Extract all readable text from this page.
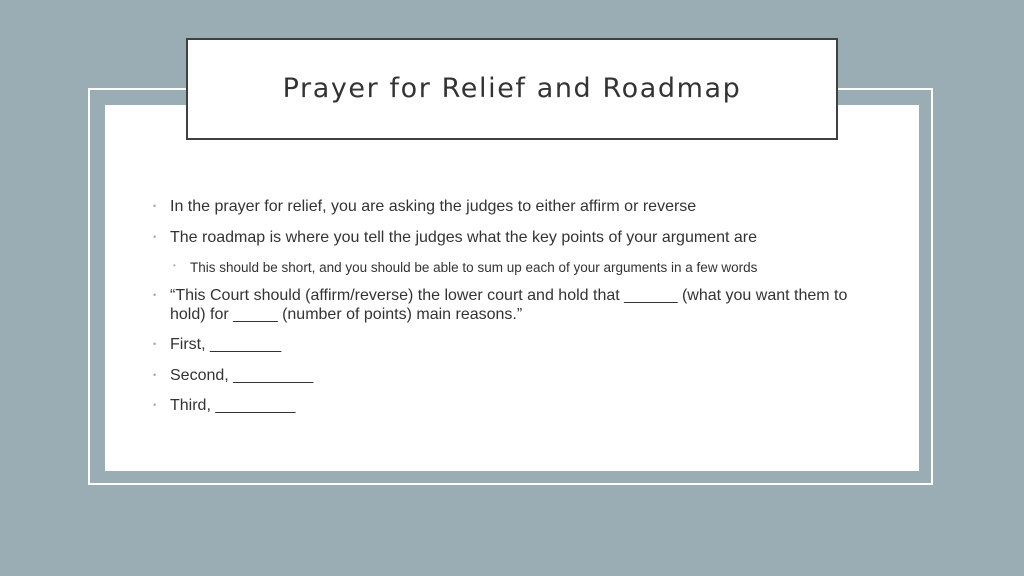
Prayer for Relief and Roadmap
• In the prayer for relief, you are asking the judges to either affirm or reverse
• The roadmap is where you tell the judges what the key points of your argument are
• This should be short, and you should be able to sum up each of your arguments in a few words
• “This Court should (affirm/reverse) the lower court and hold that ______ (what you want them to hold) for _____ (number of points) main reasons.”
• First, ________
• Second, _________
• Third, _________
